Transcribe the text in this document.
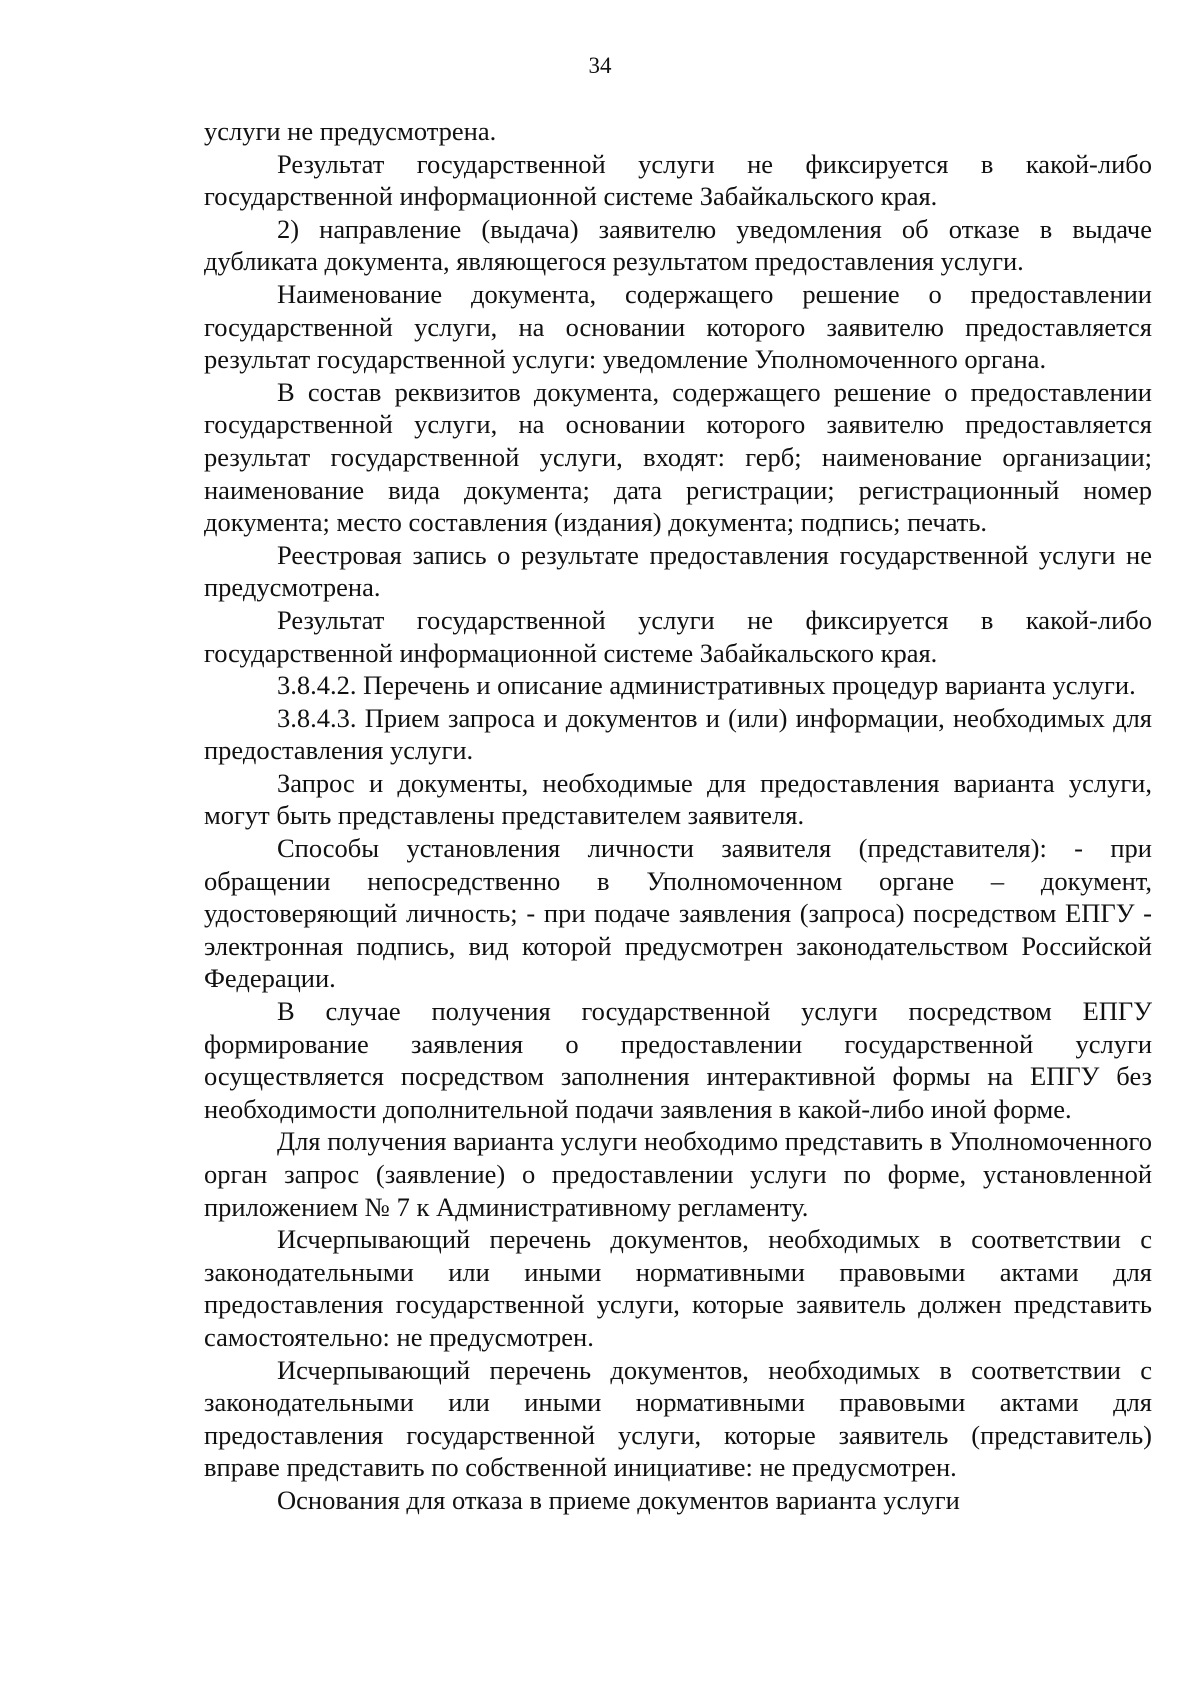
34

услуги не предусмотрена.

Результат государственной услуги не фиксируется в какой-либо государственной информационной системе Забайкальского края.

2) направление (выдача) заявителю уведомления об отказе в выдаче дубликата документа, являющегося результатом предоставления услуги.

Наименование документа, содержащего решение о предоставлении государственной услуги, на основании которого заявителю предоставляется результат государственной услуги: уведомление Уполномоченного органа.

В состав реквизитов документа, содержащего решение о предоставлении государственной услуги, на основании которого заявителю предоставляется результат государственной услуги, входят: герб; наименование организации; наименование вида документа; дата регистрации; регистрационный номер документа; место составления (издания) документа; подпись; печать.

Реестровая запись о результате предоставления государственной услуги не предусмотрена.

Результат государственной услуги не фиксируется в какой-либо государственной информационной системе Забайкальского края.

3.8.4.2. Перечень и описание административных процедур варианта услуги.

3.8.4.3. Прием запроса и документов и (или) информации, необходимых для предоставления услуги.

Запрос и документы, необходимые для предоставления варианта услуги, могут быть представлены представителем заявителя.

Способы установления личности заявителя (представителя): - при обращении непосредственно в Уполномоченном органе – документ, удостоверяющий личность; - при подаче заявления (запроса) посредством ЕПГУ - электронная подпись, вид которой предусмотрен законодательством Российской Федерации.

В случае получения государственной услуги посредством ЕПГУ формирование заявления о предоставлении государственной услуги осуществляется посредством заполнения интерактивной формы на ЕПГУ без необходимости дополнительной подачи заявления в какой-либо иной форме.

Для получения варианта услуги необходимо представить в Уполномоченного орган запрос (заявление) о предоставлении услуги по форме, установленной приложением № 7 к Административному регламенту.

Исчерпывающий перечень документов, необходимых в соответствии с законодательными или иными нормативными правовыми актами для предоставления государственной услуги, которые заявитель должен представить самостоятельно: не предусмотрен.

Исчерпывающий перечень документов, необходимых в соответствии с законодательными или иными нормативными правовыми актами для предоставления государственной услуги, которые заявитель (представитель) вправе представить по собственной инициативе: не предусмотрен.

Основания для отказа в приеме документов варианта услуги
